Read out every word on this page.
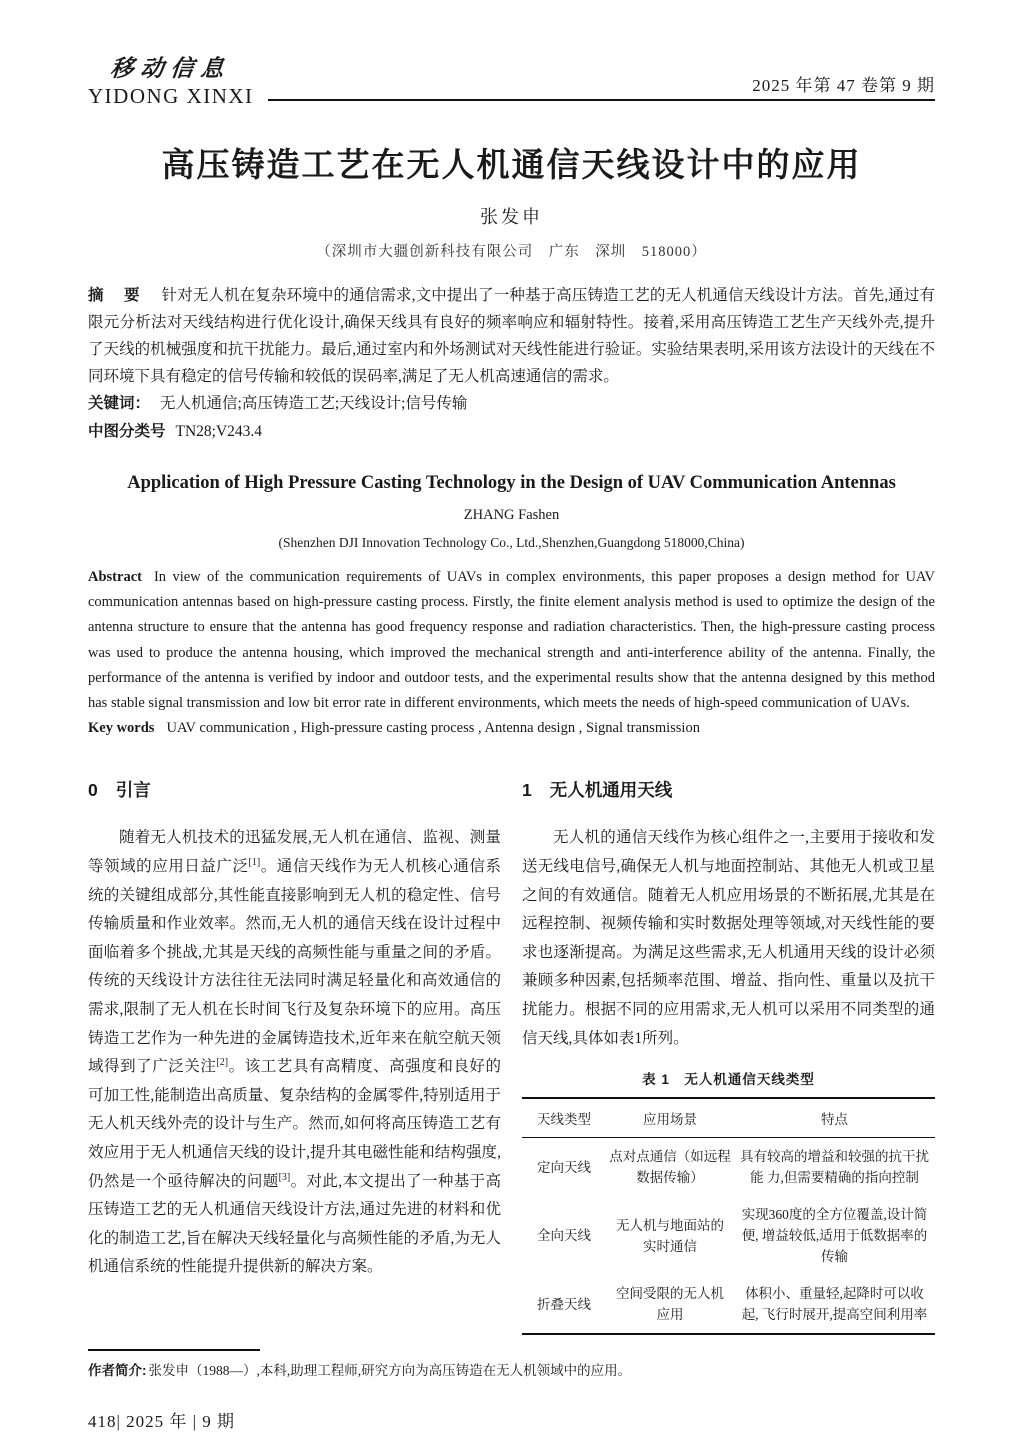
移动信息
YIDONG XINXI	2025 年第 47 卷第 9 期
高压铸造工艺在无人机通信天线设计中的应用
张发申
（深圳市大疆创新科技有限公司　广东　深圳　518000）

摘 要 针对无人机在复杂环境中的通信需求,文中提出了一种基于高压铸造工艺的无人机通信天线设计方法。首先,通过有限元分析法对天线结构进行优化设计,确保天线具有良好的频率响应和辐射特性。接着,采用高压铸造工艺生产天线外壳,提升了天线的机械强度和抗干扰能力。最后,通过室内和外场测试对天线性能进行验证。实验结果表明,采用该方法设计的天线在不同环境下具有稳定的信号传输和较低的误码率,满足了无人机高速通信的需求。

关键词： 无人机通信;高压铸造工艺;天线设计;信号传输
中图分类号 TN28;V243.4
Application of High Pressure Casting Technology in the Design of UAV Communication Antennas
ZHANG Fashen
(Shenzhen DJI Innovation Technology Co., Ltd.,Shenzhen,Guangdong 518000,China)

Abstract In view of the communication requirements of UAVs in complex environments, this paper proposes a design method for UAV communication antennas based on high-pressure casting process. Firstly, the finite element analysis method is used to optimize the design of the antenna structure to ensure that the antenna has good frequency response and radiation characteristics. Then, the high-pressure casting process was used to produce the antenna housing, which improved the mechanical strength and anti-interference ability of the antenna. Finally, the performance of the antenna is verified by indoor and outdoor tests, and the experimental results show that the antenna designed by this method has stable signal transmission and low bit error rate in different environments, which meets the needs of high-speed communication of UAVs.

Key words UAV communication , High-pressure casting process , Antenna design , Signal transmission
0 引言

随着无人机技术的迅猛发展,无人机在通信、监视、测量等领域的应用日益广泛[1]。通信天线作为无人机核心通信系统的关键组成部分,其性能直接影响到无人机的稳定性、信号传输质量和作业效率。然而,无人机的通信天线在设计过程中面临着多个挑战,尤其是天线的高频性能与重量之间的矛盾。传统的天线设计方法往往无法同时满足轻量化和高效通信的需求,限制了无人机在长时间飞行及复杂环境下的应用。高压铸造工艺作为一种先进的金属铸造技术,近年来在航空航天领域得到了广泛关注[2]。该工艺具有高精度、高强度和良好的可加工性,能制造出高质量、复杂结构的金属零件,特别适用于无人机天线外壳的设计与生产。然而,如何将高压铸造工艺有效应用于无人机通信天线的设计,提升其电磁性能和结构强度,仍然是一个亟待解决的问题[3]。对此,本文提出了一种基于高压铸造工艺的无人机通信天线设计方法,通过先进的材料和优化的制造工艺,旨在解决天线轻量化与高频性能的矛盾,为无人机通信系统的性能提升提供新的解决方案。

1 无人机通用天线

无人机的通信天线作为核心组件之一,主要用于接收和发送无线电信号,确保无人机与地面控制站、其他无人机或卫星之间的有效通信。随着无人机应用场景的不断拓展,尤其是在远程控制、视频传输和实时数据处理等领域,对天线性能的要求也逐渐提高。为满足这些需求,无人机通用天线的设计必须兼顾多种因素,包括频率范围、增益、指向性、重量以及抗干扰能力。根据不同的应用需求,无人机可以采用不同类型的通信天线,具体如表1所列。

表 1　无人机通信天线类型
天线类型	应用场景	特点
定向天线	点对点通信（如远程 数据传输）	具有较高的增益和较强的抗干扰能 力,但需要精确的指向控制
全向天线	无人机与地面站的 实时通信	实现360度的全方位覆盖,设计简便, 增益较低,适用于低数据率的传输
折叠天线	空间受限的无人机 应用	体积小、重量轻,起降时可以收起, 飞行时展开,提高空间利用率
作者简介: 张发申（1988—）,本科,助理工程师,研究方向为高压铸造在无人机领域中的应用。
418| 2025 年 | 9 期
